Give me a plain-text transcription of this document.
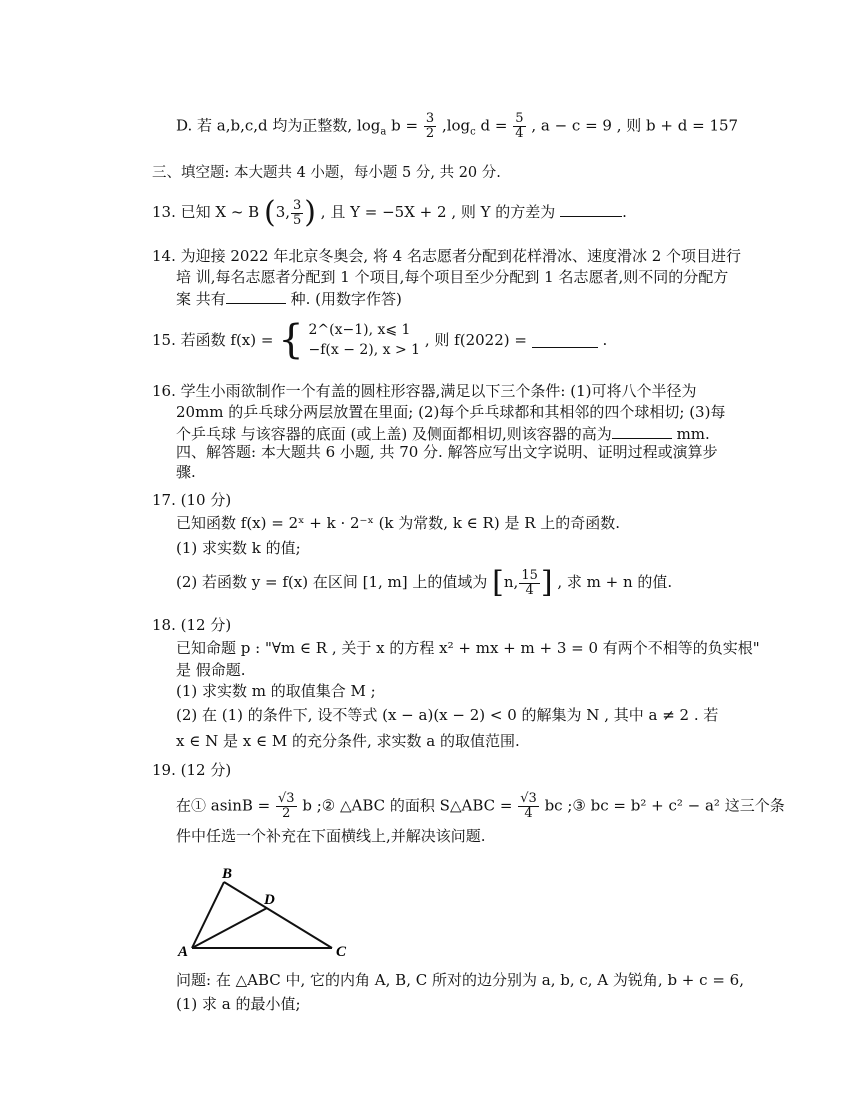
D. 若 a,b,c,d 均为正整数, $\log_a b = \frac{3}{2} ,\log_c$ $d = \frac{5}{4}$ , a − c = 9 , 则 b + d = 157
三、填空题: 本大题共 4 小题，每小题 5 分, 共 20 分.
13. 已知 X ~ B (3, $\frac{3}{5}$ ) , 且 Y = −5X + 2 , 则 Y 的方差为	.
14. 为迎接 2022 年北京冬奥会, 将 4 名志愿者分配到花样滑冰、速度滑冰 2 个项目进行
培 训,每名志愿者分配到 1 个项目,每个项目至少分配到 1 名志愿者,则不同的分配方
案 共有	种. (用数字作答)
15. 若函数 f(x) = { 2^(x−1), x⩽ 1
−f(x − 2), x > 1
, 则 f(2022) =	.
16. 学生小雨欲制作一个有盖的圆柱形容器,满足以下三个条件: (1)可将八个半径为
20mm 的乒乓球分两层放置在里面; (2)每个乒乓球都和其相邻的四个球相切; (3)每
个乒乓球 与该容器的底面 (或上盖) 及侧面都相切,则该容器的高为	mm.
四、解答题: 本大题共 6 小题, 共 70 分. 解答应写出文字说明、证明过程或演算步
骤.
17. (10 分)
已知函数 f(x) = 2ˣ + k · 2⁻ˣ (k 为常数, k ∈ R) 是 R 上的奇函数.
(1) 求实数 k 的值;
(2) 若函数 y = f(x) 在区间 [1, m] 上的值域为 [n, $\frac{15}{4}$ ] , 求 m + n 的值.
18. (12 分)
已知命题 p : "∀m ∈ R , 关于 x 的方程 x² + mx + m + 3 = 0 有两个不相等的负实根"
是 假命题.
(1) 求实数 m 的取值集合 M ;
(2) 在 (1) 的条件下, 设不等式 (x − a)(x − 2) < 0 的解集为 N , 其中 a ≠ 2 . 若
x ∈ N 是 x ∈ M 的充分条件, 求实数 a 的取值范围.
19. (12 分)
在① $asinB = \frac{√3}{2}$ b ;② △ABC 的面积 S△ABC = $\frac{√3}{4}$ bc ;③ bc = b² + c² − a² 这三个条
件中任选一个补充在下面横线上,并解决该问题.
B
D
A	C
问题: 在 △ABC 中, 它的内角 A, B, C 所对的边分别为 a, b, c, A 为锐角, b + c = 6,
(1) 求 a 的最小值;
